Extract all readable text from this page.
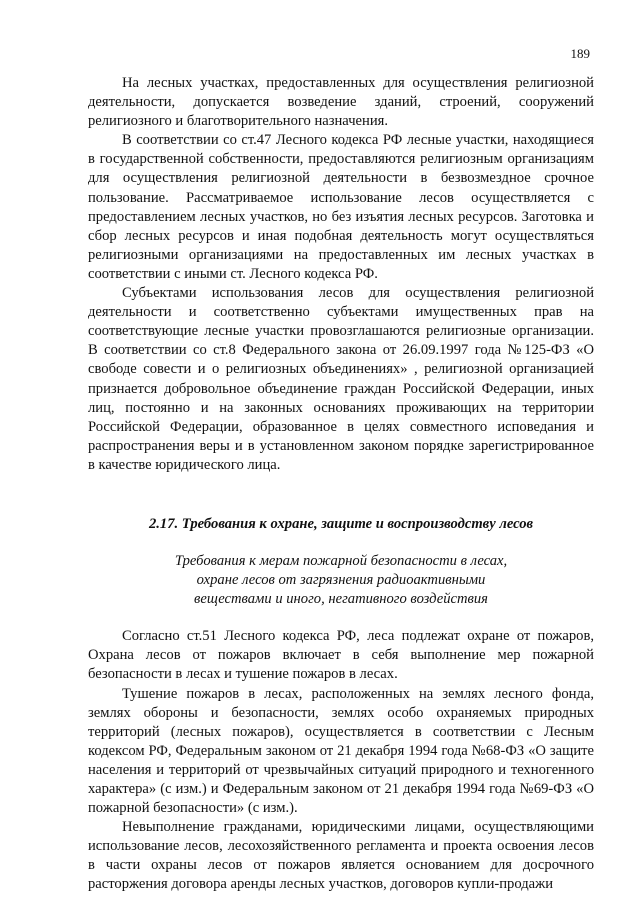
189

На лесных участках, предоставленных для осуществления религиозной деятельности, допускается возведение зданий, строений, сооружений религиозного и благотворительного назначения.

В соответствии со ст.47 Лесного кодекса РФ лесные участки, находящиеся в государственной собственности, предоставляются религиозным организациям для осуществления религиозной деятельности в безвозмездное срочное пользование. Рассматриваемое использование лесов осуществляется с предоставлением лесных участков, но без изъятия лесных ресурсов. Заготовка и сбор лесных ресурсов и иная подобная деятельность могут осуществляться религиозными организациями на предоставленных им лесных участках в соответствии с иными ст. Лесного кодекса РФ.

Субъектами использования лесов для осуществления религиозной деятельности и соответственно субъектами имущественных прав на соответствующие лесные участки провозглашаются религиозные организации. В соответствии со ст.8 Федерального закона от 26.09.1997 года №125-ФЗ «О свободе совести и о религиозных объединениях» , религиозной организацией признается добровольное объединение граждан Российской Федерации, иных лиц, постоянно и на законных основаниях проживающих на территории Российской Федерации, образованное в целях совместного исповедания и распространения веры и в установленном законом порядке зарегистрированное в качестве юридического лица.

2.17. Требования к охране, защите и воспроизводству лесов
Требования к мерам пожарной безопасности в лесах,
охране лесов от загрязнения радиоактивными
веществами и иного, негативного воздействия

Согласно ст.51 Лесного кодекса РФ, леса подлежат охране от пожаров, Охрана лесов от пожаров включает в себя выполнение мер пожарной безопасности в лесах и тушение пожаров в лесах.

Тушение пожаров в лесах, расположенных на землях лесного фонда, землях обороны и безопасности, землях особо охраняемых природных территорий (лесных пожаров), осуществляется в соответствии с Лесным кодексом РФ, Федеральным законом от 21 декабря 1994 года №68-ФЗ «О защите населения и территорий от чрезвычайных ситуаций природного и техногенного характера» (с изм.) и Федеральным законом от 21 декабря 1994 года №69-ФЗ «О пожарной безопасности» (с изм.).

Невыполнение гражданами, юридическими лицами, осуществляющими использование лесов, лесохозяйственного регламента и проекта освоения лесов в части охраны лесов от пожаров является основанием для досрочного расторжения договора аренды лесных участков, договоров купли-продажи
